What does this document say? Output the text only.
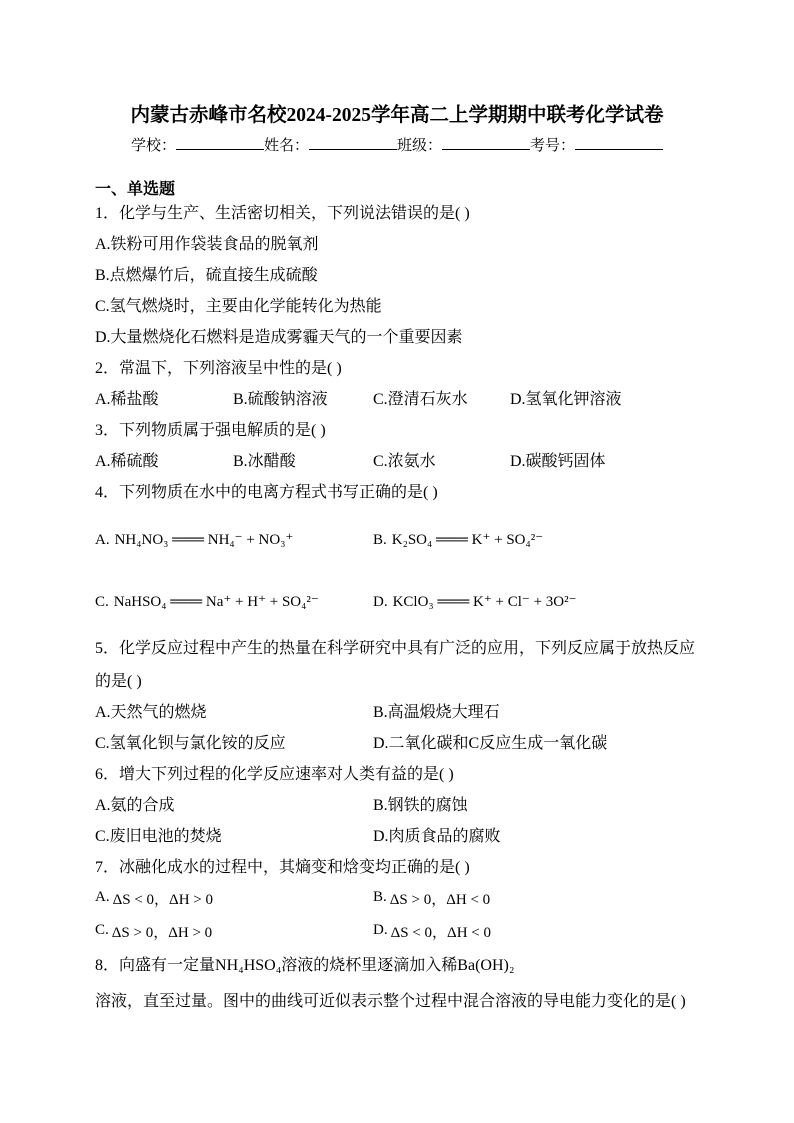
内蒙古赤峰市名校2024-2025学年高二上学期期中联考化学试卷
学校：	姓名：	班级：	考号：
一、单选题
1．化学与生产、生活密切相关，下列说法错误的是( )
A.铁粉可用作袋装食品的脱氧剂
B.点燃爆竹后，硫直接生成硫酸
C.氢气燃烧时，主要由化学能转化为热能
D.大量燃烧化石燃料是造成雾霾天气的一个重要因素
2．常温下，下列溶液呈中性的是( )
A.稀盐酸	B.硫酸钠溶液	C.澄清石灰水	D.氢氧化钾溶液
3．下列物质属于强电解质的是( )
A.稀硫酸	B.冰醋酸	C.浓氨水	D.碳酸钙固体
4．下列物质在水中的电离方程式书写正确的是( )
A. NH₄NO₃ ═══ NH₄⁻ + NO₃⁺	B. K₂SO₄ ═══ K⁺ + SO₄²⁻
C. NaHSO₄ ═══ Na⁺ + H⁺ + SO₄²⁻	D. KClO₃ ═══ K⁺ + Cl⁻ + 3O²⁻
5．化学反应过程中产生的热量在科学研究中具有广泛的应用，下列反应属于放热反应
的是( )
A.天然气的燃烧	B.高温煅烧大理石
C.氢氧化钡与氯化铵的反应	D.二氧化碳和C反应生成一氧化碳
6．增大下列过程的化学反应速率对人类有益的是( )
A.氨的合成	B.钢铁的腐蚀
C.废旧电池的焚烧	D.肉质食品的腐败
7．冰融化成水的过程中，其熵变和焓变均正确的是( )
A. ΔS < 0，ΔH > 0	B. ΔS > 0，ΔH < 0
C. ΔS > 0，ΔH > 0	D. ΔS < 0，ΔH < 0
8．向盛有一定量NH₄HSO₄溶液的烧杯里逐滴加入稀Ba(OH)₂
溶液，直至过量。图中的曲线可近似表示整个过程中混合溶液的导电能力变化的是( )
